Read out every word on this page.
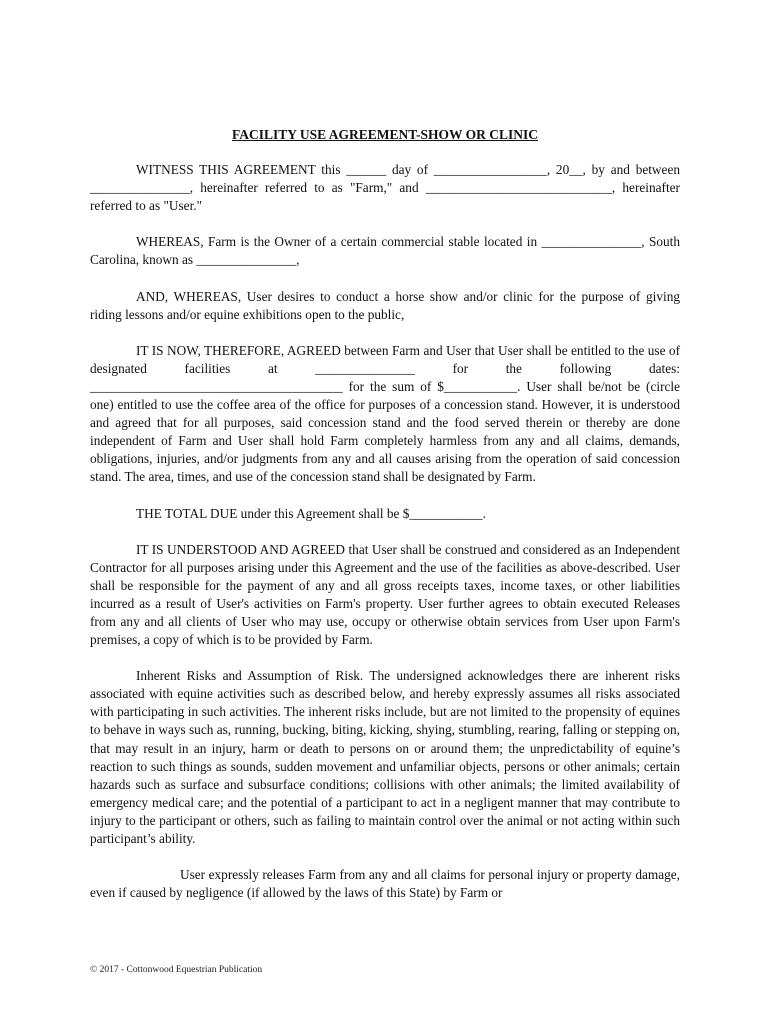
FACILITY USE AGREEMENT-SHOW OR CLINIC

WITNESS THIS AGREEMENT this ______ day of _________________, 20__, by and between _______________, hereinafter referred to as "Farm," and ____________________________, hereinafter referred to as "User."

WHEREAS, Farm is the Owner of a certain commercial stable located in _______________, South Carolina, known as _______________,

AND, WHEREAS, User desires to conduct a horse show and/or clinic for the purpose of giving riding lessons and/or equine exhibitions open to the public,

IT IS NOW, THEREFORE, AGREED between Farm and User that User shall be entitled to the use of designated facilities at _______________ for the following dates: ______________________________________ for the sum of $___________. User shall be/not be (circle one) entitled to use the coffee area of the office for purposes of a concession stand. However, it is understood and agreed that for all purposes, said concession stand and the food served therein or thereby are done independent of Farm and User shall hold Farm completely harmless from any and all claims, demands, obligations, injuries, and/or judgments from any and all causes arising from the operation of said concession stand. The area, times, and use of the concession stand shall be designated by Farm.

THE TOTAL DUE under this Agreement shall be $___________.

IT IS UNDERSTOOD AND AGREED that User shall be construed and considered as an Independent Contractor for all purposes arising under this Agreement and the use of the facilities as above-described. User shall be responsible for the payment of any and all gross receipts taxes, income taxes, or other liabilities incurred as a result of User's activities on Farm's property. User further agrees to obtain executed Releases from any and all clients of User who may use, occupy or otherwise obtain services from User upon Farm's premises, a copy of which is to be provided by Farm.

Inherent Risks and Assumption of Risk. The undersigned acknowledges there are inherent risks associated with equine activities such as described below, and hereby expressly assumes all risks associated with participating in such activities. The inherent risks include, but are not limited to the propensity of equines to behave in ways such as, running, bucking, biting, kicking, shying, stumbling, rearing, falling or stepping on, that may result in an injury, harm or death to persons on or around them; the unpredictability of equine’s reaction to such things as sounds, sudden movement and unfamiliar objects, persons or other animals; certain hazards such as surface and subsurface conditions; collisions with other animals; the limited availability of emergency medical care; and the potential of a participant to act in a negligent manner that may contribute to injury to the participant or others, such as failing to maintain control over the animal or not acting within such participant’s ability.

User expressly releases Farm from any and all claims for personal injury or property damage, even if caused by negligence (if allowed by the laws of this State) by Farm or

© 2017 - Cottonwood Equestrian Publication
